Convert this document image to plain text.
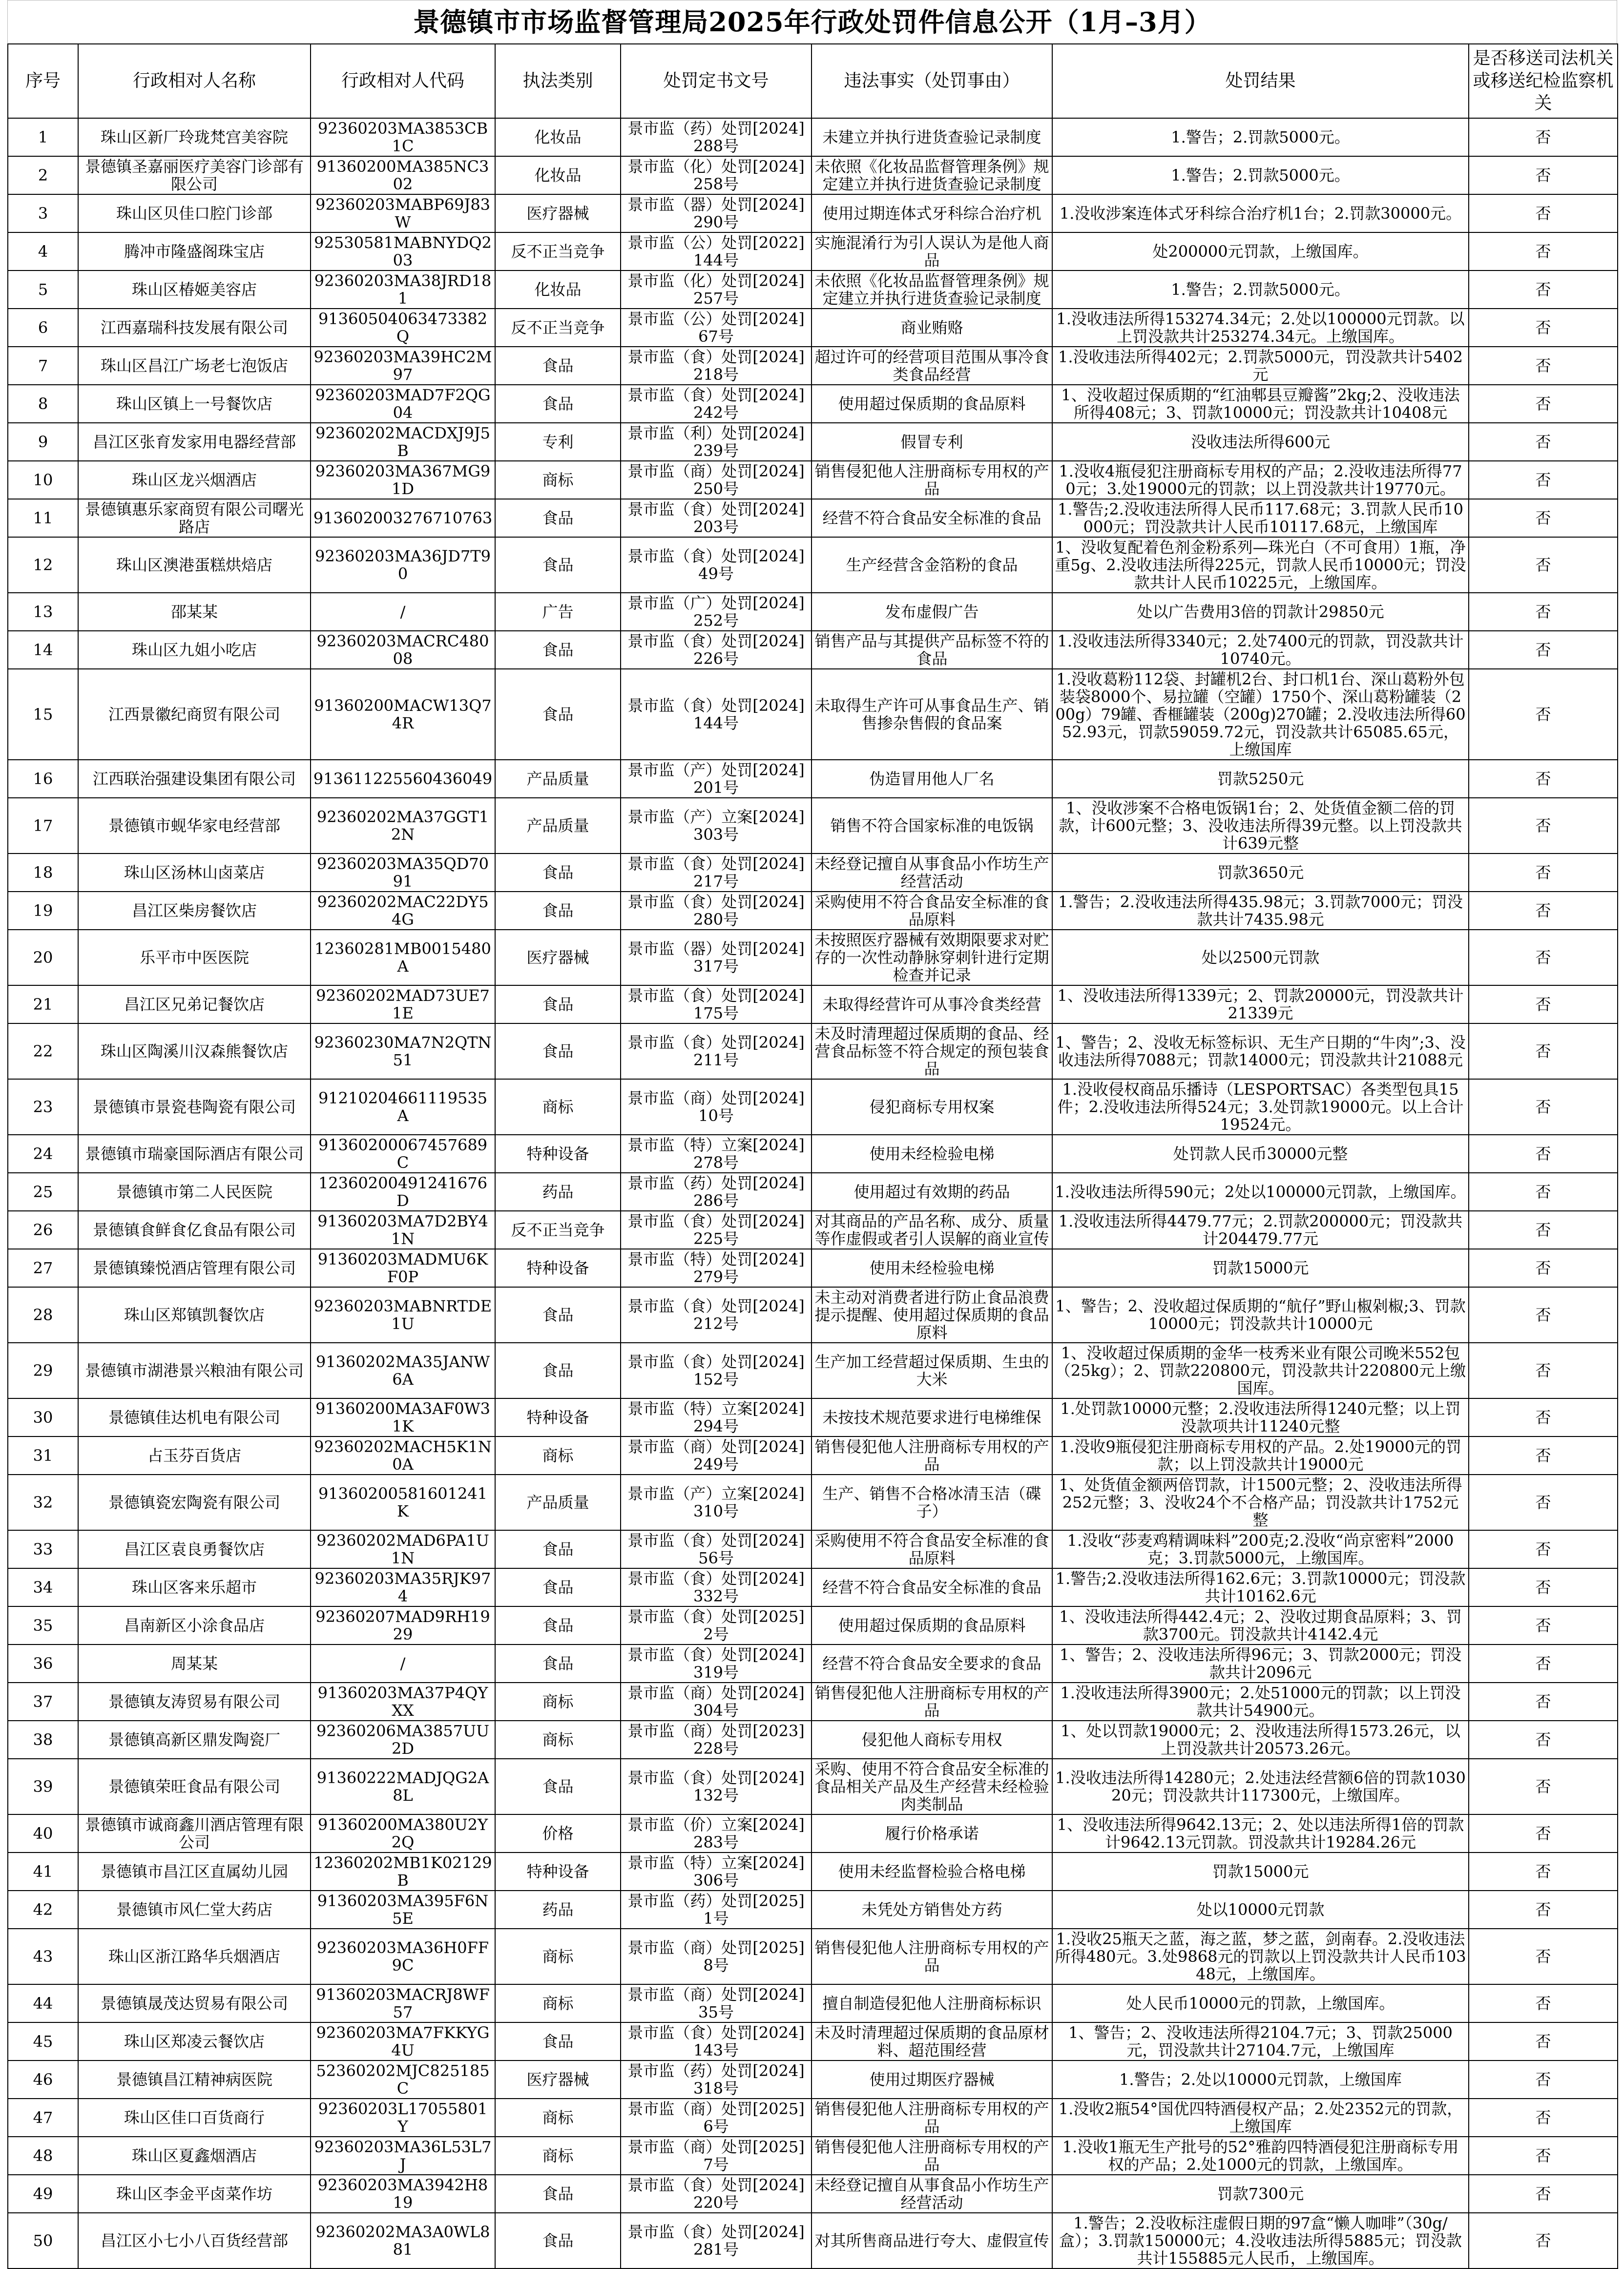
景德镇市市场监督管理局2025年行政处罚件信息公开（1月–3月）
序号	行政相对人名称	行政相对人代码	执法类别	处罚定书文号	违法事实（处罚事由）	处罚结果	是否移送司法机关或移送纪检监察机关
1	珠山区新厂玲珑梵宫美容院	92360203MA3853CB1C	化妆品	景市监（药）处罚[2024]288号	未建立并执行进货查验记录制度	1.警告；2.罚款5000元。	否
2	景德镇圣嘉丽医疗美容门诊部有限公司	91360200MA385NC302	化妆品	景市监（化）处罚[2024]258号	未依照《化妆品监督管理条例》规定建立并执行进货查验记录制度	1.警告；2.罚款5000元。	否
3	珠山区贝佳口腔门诊部	92360203MABP69J83W	医疗器械	景市监（器）处罚[2024]290号	使用过期连体式牙科综合治疗机	1.没收涉案连体式牙科综合治疗机1台；2.罚款30000元。	否
4	腾冲市隆盛阁珠宝店	92530581MABNYDQ203	反不正当竞争	景市监（公）处罚[2022]144号	实施混淆行为引人误认为是他人商品	处200000元罚款，上缴国库。	否
5	珠山区椿姬美容店	92360203MA38JRD181	化妆品	景市监（化）处罚[2024]257号	未依照《化妆品监督管理条例》规定建立并执行进货查验记录制度	1.警告；2.罚款5000元。	否
6	江西嘉瑞科技发展有限公司	91360504063473382Q	反不正当竞争	景市监（公）处罚[2024]67号	商业贿赂	1.没收违法所得153274.34元；2.处以100000元罚款。以上罚没款共计253274.34元。上缴国库。	否
7	珠山区昌江广场老七泡饭店	92360203MA39HC2M97	食品	景市监（食）处罚[2024]218号	超过许可的经营项目范围从事冷食类食品经营	1.没收违法所得402元；2.罚款5000元，罚没款共计5402元	否
8	珠山区镇上一号餐饮店	92360203MAD7F2QG04	食品	景市监（食）处罚[2024]242号	使用超过保质期的食品原料	1、没收超过保质期的“红油郫县豆瓣酱”2kg;2、没收违法所得408元；3、罚款10000元；罚没款共计10408元	否
9	昌江区张育发家用电器经营部	92360202MACDXJ9J5B	专利	景市监（利）处罚[2024]239号	假冒专利	没收违法所得600元	否
10	珠山区龙兴烟酒店	92360203MA367MG91D	商标	景市监（商）处罚[2024]250号	销售侵犯他人注册商标专用权的产品	1.没收4瓶侵犯注册商标专用权的产品；2.没收违法所得770元；3.处19000元的罚款；以上罚没款共计19770元。	否
11	景德镇惠乐家商贸有限公司曙光路店	913602003276710763	食品	景市监（食）处罚[2024]203号	经营不符合食品安全标准的食品	1.警告;2.没收违法所得人民币117.68元；3.罚款人民币10000元；罚没款共计人民币10117.68元，上缴国库	否
12	珠山区澳港蛋糕烘焙店	92360203MA36JD7T90	食品	景市监（食）处罚[2024]49号	生产经营含金箔粉的食品	1、没收复配着色剂金粉系列—珠光白（不可食用）1瓶，净重5g、2.没收违法所得225元，罚款人民币10000元；罚没款共计人民币10225元，上缴国库。	否
13	邵某某	/	广告	景市监（广）处罚[2024]252号	发布虚假广告	处以广告费用3倍的罚款计29850元	否
14	珠山区九姐小吃店	92360203MACRC48008	食品	景市监（食）处罚[2024]226号	销售产品与其提供产品标签不符的食品	1.没收违法所得3340元；2.处7400元的罚款，罚没款共计10740元。	否
15	江西景徽纪商贸有限公司	91360200MACW13Q74R	食品	景市监（食）处罚[2024]144号	未取得生产许可从事食品生产、销售掺杂售假的食品案	1.没收葛粉112袋、封罐机2台、封口机1台、深山葛粉外包装袋8000个、易拉罐（空罐）1750个、深山葛粉罐装（200g）79罐、香榧罐装（200g)270罐；2.没收违法所得6052.93元，罚款59059.72元，罚没款共计65085.65元，上缴国库	否
16	江西联治强建设集团有限公司	913611225560436049	产品质量	景市监（产）处罚[2024]201号	伪造冒用他人厂名	罚款5250元	否
17	景德镇市蚬华家电经营部	92360202MA37GGT12N	产品质量	景市监（产）立案[2024]303号	销售不符合国家标准的电饭锅	1、没收涉案不合格电饭锅1台；2、处货值金额二倍的罚款，计600元整；3、没收违法所得39元整。以上罚没款共计639元整	否
18	珠山区汤林山卤菜店	92360203MA35QD7091	食品	景市监（食）处罚[2024]217号	未经登记擅自从事食品小作坊生产经营活动	罚款3650元	否
19	昌江区柴房餐饮店	92360202MAC22DY54G	食品	景市监（食）处罚[2024]280号	采购使用不符合食品安全标准的食品原料	1.警告；2.没收违法所得435.98元；3.罚款7000元；罚没款共计7435.98元	否
20	乐平市中医医院	12360281MB0015480A	医疗器械	景市监（器）处罚[2024]317号	未按照医疗器械有效期限要求对贮存的一次性动静脉穿刺针进行定期检查并记录	处以2500元罚款	否
21	昌江区兄弟记餐饮店	92360202MAD73UE71E	食品	景市监（食）处罚[2024]175号	未取得经营许可从事冷食类经营	1、没收违法所得1339元；2、罚款20000元，罚没款共计21339元	否
22	珠山区陶溪川汉森熊餐饮店	92360230MA7N2QTN51	食品	景市监（食）处罚[2024]211号	未及时清理超过保质期的食品、经营食品标签不符合规定的预包装食品	1、警告；2、没收无标签标识、无生产日期的“牛肉”;3、没收违法所得7088元；罚款14000元；罚没款共计21088元	否
23	景德镇市景瓷巷陶瓷有限公司	91210204661119535A	商标	景市监（商）处罚[2024]10号	侵犯商标专用权案	1.没收侵权商品乐播诗（LESPORTSAC）各类型包具15件；2.没收违法所得524元；3.处罚款19000元。以上合计19524元。	否
24	景德镇市瑞豪国际酒店有限公司	91360200067457689C	特种设备	景市监（特）立案[2024]278号	使用未经检验电梯	处罚款人民币30000元整	否
25	景德镇市第二人民医院	12360200491241676D	药品	景市监（药）处罚[2024]286号	使用超过有效期的药品	1.没收违法所得590元；2处以100000元罚款，上缴国库。	否
26	景德镇食鲜食亿食品有限公司	91360203MA7D2BY41N	反不正当竞争	景市监（食）处罚[2024]225号	对其商品的产品名称、成分、质量等作虚假或者引人误解的商业宣传	1.没收违法所得4479.77元；2.罚款200000元；罚没款共计204479.77元	否
27	景德镇臻悦酒店管理有限公司	91360203MADMU6KF0P	特种设备	景市监（特）处罚[2024]279号	使用未经检验电梯	罚款15000元	否
28	珠山区郑镇凯餐饮店	92360203MABNRTDE1U	食品	景市监（食）处罚[2024]212号	未主动对消费者进行防止食品浪费提示提醒、使用超过保质期的食品原料	1、警告；2、没收超过保质期的“航仔”野山椒剁椒;3、罚款10000元；罚没款共计10000元	否
29	景德镇市湖港景兴粮油有限公司	91360202MA35JANW6A	食品	景市监（食）处罚[2024]152号	生产加工经营超过保质期、生虫的大米	1、没收超过保质期的金华一枝秀米业有限公司晚米552包（25kg）；2、罚款220800元，罚没款共计220800元上缴国库。	否
30	景德镇佳达机电有限公司	91360200MA3AF0W31K	特种设备	景市监（特）立案[2024]294号	未按技术规范要求进行电梯维保	1.处罚款10000元整；2.没收违法所得1240元整；以上罚没款项共计11240元整	否
31	占玉芬百货店	92360202MACH5K1N0A	商标	景市监（商）处罚[2024]249号	销售侵犯他人注册商标专用权的产品	1.没收9瓶侵犯注册商标专用权的产品。2.处19000元的罚款；以上罚没款共计19000元	否
32	景德镇瓷宏陶瓷有限公司	91360200581601241K	产品质量	景市监（产）立案[2024]310号	生产、销售不合格冰清玉洁（碟子）	1、处货值金额两倍罚款，计1500元整；2、没收违法所得252元整；3、没收24个不合格产品；罚没款共计1752元整	否
33	昌江区袁良勇餐饮店	92360202MAD6PA1U1N	食品	景市监（食）处罚[2024]56号	采购使用不符合食品安全标准的食品原料	1.没收“莎麦鸡精调味料”200克;2.没收“尚京密料”2000克；3.罚款5000元，上缴国库。	否
34	珠山区客来乐超市	92360203MA35RJK974	食品	景市监（食）处罚[2024]332号	经营不符合食品安全标准的食品	1.警告;2.没收违法所得162.6元；3.罚款10000元；罚没款共计10162.6元	否
35	昌南新区小涂食品店	92360207MAD9RH1929	食品	景市监（食）处罚[2025]2号	使用超过保质期的食品原料	1、没收违法所得442.4元；2、没收过期食品原料；3、罚款3700元。罚没款共计4142.4元	否
36	周某某	/	食品	景市监（食）处罚[2024]319号	经营不符合食品安全要求的食品	1、警告；2、没收违法所得96元；3、罚款2000元；罚没款共计2096元	否
37	景德镇友涛贸易有限公司	91360203MA37P4QYXX	商标	景市监（商）处罚[2024]304号	销售侵犯他人注册商标专用权的产品	1.没收违法所得3900元；2.处51000元的罚款；以上罚没款共计54900元。	否
38	景德镇高新区鼎发陶瓷厂	92360206MA3857UU2D	商标	景市监（商）处罚[2023]228号	侵犯他人商标专用权	1、处以罚款19000元；2、没收违法所得1573.26元，以上罚没款共计20573.26元。	否
39	景德镇荣旺食品有限公司	91360222MADJQG2A8L	食品	景市监（食）处罚[2024]132号	采购、使用不符合食品安全标准的食品相关产品及生产经营未经检验肉类制品	1.没收违法所得14280元；2.处违法经营额6倍的罚款103020元；罚没款共计117300元，上缴国库。	否
40	景德镇市诚商鑫川酒店管理有限公司	91360200MA380U2Y2Q	价格	景市监（价）立案[2024]283号	履行价格承诺	1、没收违法所得9642.13元；2、处以违法所得1倍的罚款计9642.13元罚款。罚没款共计19284.26元	否
41	景德镇市昌江区直属幼儿园	12360202MB1K02129B	特种设备	景市监（特）立案[2024]306号	使用未经监督检验合格电梯	罚款15000元	否
42	景德镇市风仁堂大药店	91360203MA395F6N5E	药品	景市监（药）处罚[2025]1号	未凭处方销售处方药	处以10000元罚款	否
43	珠山区浙江路华兵烟酒店	92360203MA36H0FF9C	商标	景市监（商）处罚[2025]8号	销售侵犯他人注册商标专用权的产品	1.没收25瓶天之蓝，海之蓝，梦之蓝，剑南春。2.没收违法所得480元。3.处9868元的罚款以上罚没款共计人民币10348元，上缴国库。	否
44	景德镇晟茂达贸易有限公司	91360203MACRJ8WF57	商标	景市监（商）处罚[2024]35号	擅自制造侵犯他人注册商标标识	处人民币10000元的罚款，上缴国库。	否
45	珠山区郑凌云餐饮店	92360203MA7FKKYG4U	食品	景市监（食）处罚[2024]143号	未及时清理超过保质期的食品原材料、超范围经营	1、警告；2、没收违法所得2104.7元；3、罚款25000元，罚没款共计27104.7元，上缴国库	否
46	景德镇昌江精神病医院	52360202MJC825185C	医疗器械	景市监（药）处罚[2024]318号	使用过期医疗器械	1.警告；2.处以10000元罚款，上缴国库	否
47	珠山区佳口百货商行	92360203L17055801Y	商标	景市监（商）处罚[2025]6号	销售侵犯他人注册商标专用权的产品	1.没收2瓶54°国优四特酒侵权产品；2.处2352元的罚款，上缴国库	否
48	珠山区夏鑫烟酒店	92360203MA36L53L7J	商标	景市监（商）处罚[2025]7号	销售侵犯他人注册商标专用权的产品	1.没收1瓶无生产批号的52°雅韵四特酒侵犯注册商标专用权的产品；2.处1000元的罚款，上缴国库。	否
49	珠山区李金平卤菜作坊	92360203MA3942H819	食品	景市监（食）处罚[2024]220号	未经登记擅自从事食品小作坊生产经营活动	罚款7300元	否
50	昌江区小七小八百货经营部	92360202MA3A0WL881	食品	景市监（食）处罚[2024]281号	对其所售商品进行夸大、虚假宣传	1.警告；2.没收标注虚假日期的97盒“懒人咖啡”（30g/盒）；3.罚款150000元；4.没收违法所得5885元；罚没款共计155885元人民币，上缴国库。	否
